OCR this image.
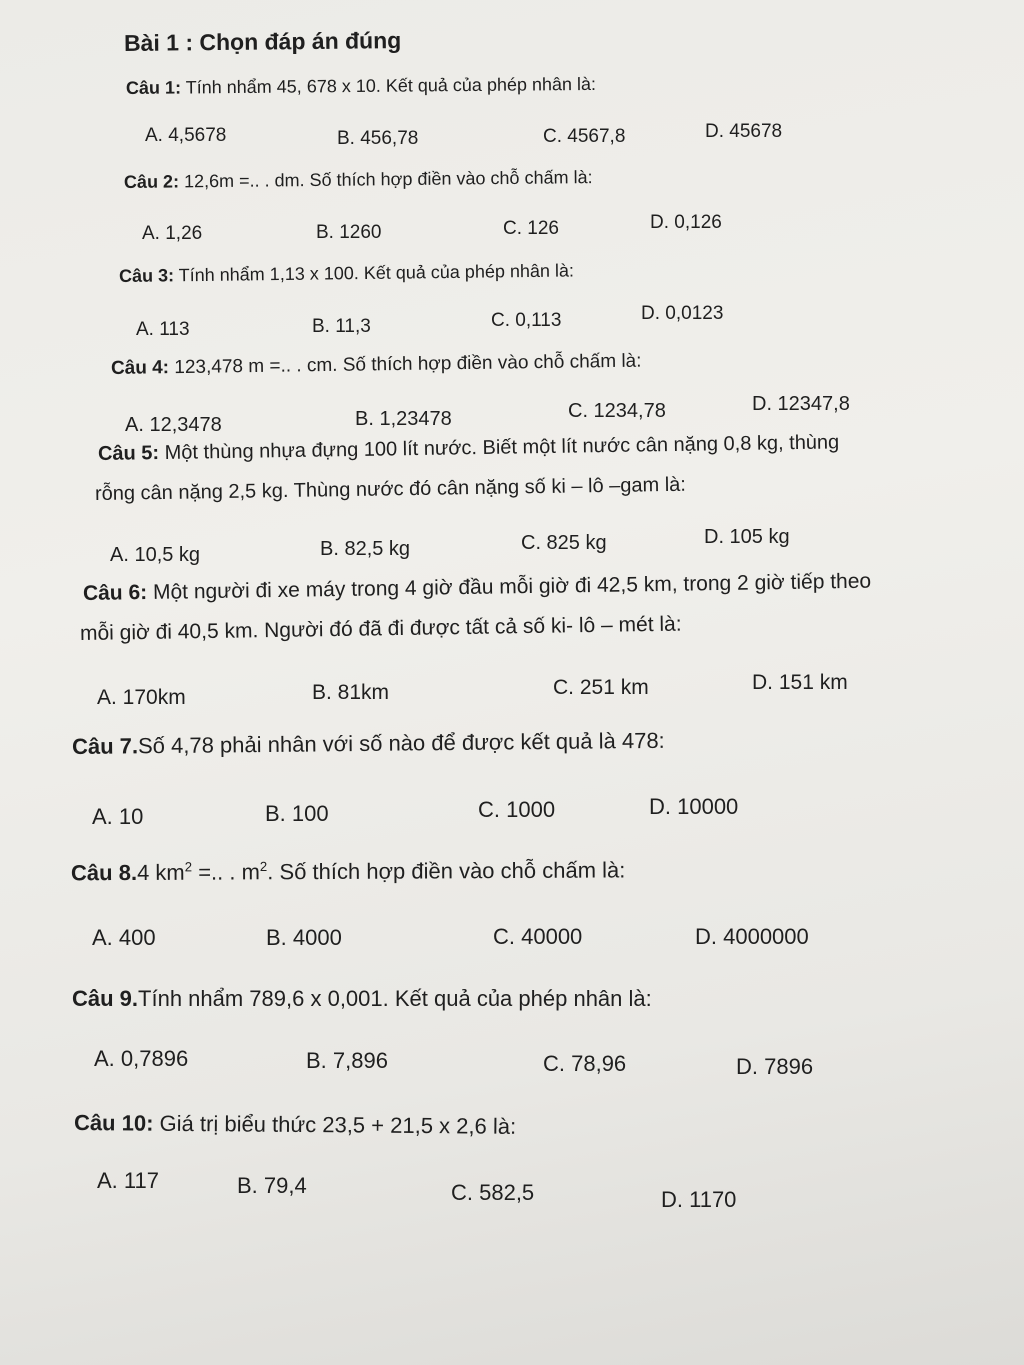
Bài 1 : Chọn đáp án đúng
Câu 1: Tính nhẩm 45, 678 x 10. Kết quả của phép nhân là:
A. 4,5678	B. 456,78	C. 4567,8	D. 45678
Câu 2: 12,6m =.. . dm. Số thích hợp điền vào chỗ chấm là:
A. 1,26	B. 1260	C. 126	D. 0,126
Câu 3: Tính nhẩm 1,13 x 100. Kết quả của phép nhân là:
A. 113	B. 11,3	C. 0,113	D. 0,0123
Câu 4: 123,478 m =.. . cm. Số thích hợp điền vào chỗ chấm là:
A. 12,3478	B. 1,23478	C. 1234,78	D. 12347,8
Câu 5: Một thùng nhựa đựng 100 lít nước. Biết một lít nước cân nặng 0,8 kg, thùng
rỗng cân nặng 2,5 kg. Thùng nước đó cân nặng số ki – lô –gam là:
A. 10,5 kg	B. 82,5 kg	C. 825 kg	D. 105 kg
Câu 6: Một người đi xe máy trong 4 giờ đầu mỗi giờ đi 42,5 km, trong 2 giờ tiếp theo
mỗi giờ đi 40,5 km. Người đó đã đi được tất cả số ki- lô – mét là:
A. 170km	B. 81km	C. 251 km	D. 151 km
Câu 7.Số 4,78 phải nhân với số nào để được kết quả là 478:
A. 10	B. 100	C. 1000	D. 10000
Câu 8.4 $km^2$ =.. . $m^2$. Số thích hợp điền vào chỗ chấm là:
A. 400	B. 4000	C. 40000	D. 4000000
Câu 9.Tính nhẩm 789,6 x 0,001. Kết quả của phép nhân là:
A. 0,7896	B. 7,896	C. 78,96	D. 7896
Câu 10: Giá trị biểu thức 23,5 + 21,5 x 2,6 là:
A. 117	B. 79,4	C. 582,5	D. 1170
